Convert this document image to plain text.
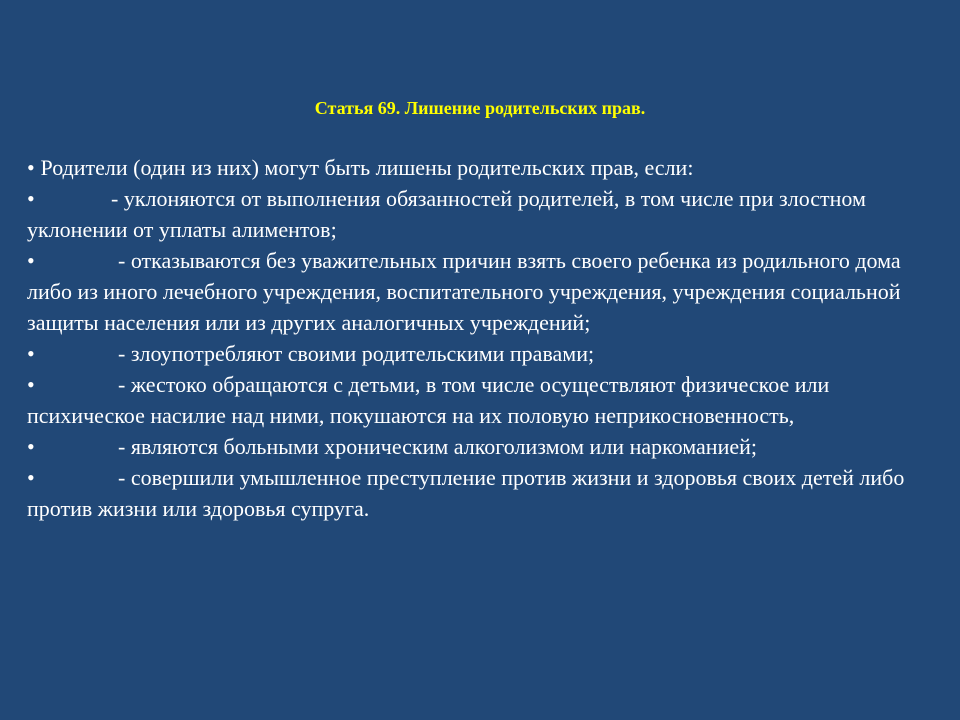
Статья 69. Лишение родительских прав.
• Родители (один из них) могут быть лишены родительских прав, если:
•	- уклоняются от выполнения обязанностей родителей, в том числе при злостном уклонении от уплаты алиментов;
•	- отказываются без уважительных причин взять своего ребенка из родильного дома либо из иного лечебного учреждения, воспитательного учреждения, учреждения социальной защиты населения или из других аналогичных учреждений;
•	- злоупотребляют своими родительскими правами;
•	- жестоко обращаются с детьми, в том числе осуществляют физическое или психическое насилие над ними, покушаются на их половую неприкосновенность,
•	- являются больными хроническим алкоголизмом или наркоманией;
•	- совершили умышленное преступление против жизни и здоровья своих детей либо против жизни или здоровья супруга.
